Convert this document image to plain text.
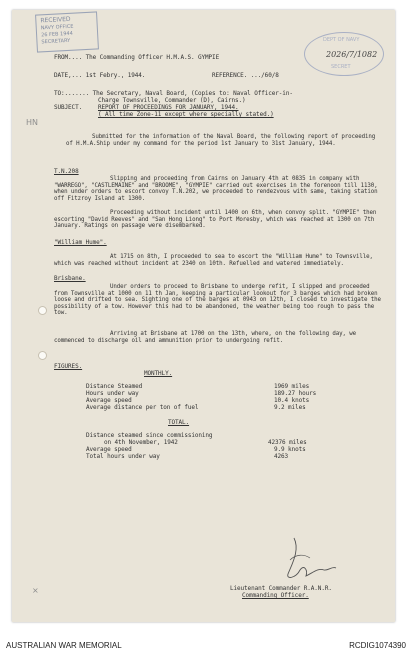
RECEIVED
NAVY OFFICE
26 FEB 1944
SECRETARY	DEPT OF NAVY
SECRET
2026/7/1082
FROM.... The Commanding Officer H.M.A.S. GYMPIE
DATE,... 1st Febry., 1944.	REFERENCE. .../60/8
TO:....... The Secretary, Naval Board, (Copies to: Naval Officer-in-
Charge Townsville, Commander (D), Cairns.)
SUBJECT.	REPORT OF PROCEEDINGS FOR JANUARY, 1944.
( All time Zone-11 except where specially stated.)
HN
Submitted for the information of the Naval Board, the following report of proceeding of H.M.A.Ship under my command for the period 1st January to 31st January, 1944.
T.N.208
Slipping and proceeding from Cairns on January 4th at 0835 in company with "WARREGO", "CASTLEMAINE" and "BROOME", "GYMPIE" carried out exercises in the forenoon till 1130, when under orders to escort convoy T.N.202, we proceeded to rendezvous with same, taking station off Fitzroy Island at 1300.
Proceeding without incident until 1400 on 6th, when convoy split. "GYMPIE" then escorting "David Reeves" and "San Hong Liong" to Port Moresby, which was reached at 1300 on 7th January. Ratings on passage were disembarked.
"William Hume".
At 1715 on 8th, I proceeded to sea to escort the "William Hume" to Townsville, which was reached without incident at 2340 on 10th. Refuelled and watered immediately.
Brisbane.
Under orders to proceed to Brisbane to underge refit, I slipped and proceeded from Townsville at 1000 on 11 th Jan, keeping a particular lookout for 3 barges which had broken loose and drifted to sea. Sighting one of the barges at 0943 on 12th, I closed to investigate the possibility of a tow. However this had to be abandoned, the weather being too rough to pass the tow.
Arriving at Brisbane at 1700 on the 13th, where, on the following day, we commenced to discharge oil and ammunition prior to undergoing refit.
FIGURES.
MONTHLY.
Distance Steamed	1969 miles
Hours under way	189.27 hours
Average speed	10.4 knots
Average distance per ton of fuel	9.2 miles
TOTAL.
Distance steamed since commissioning
on 4th November, 1942	42376 miles
Average speed	9.9 knots
Total hours under way	4263
Lieutenant Commander R.A.N.R.
Commanding Officer.
×
AUSTRALIAN WAR MEMORIAL	RCDIG1074390
